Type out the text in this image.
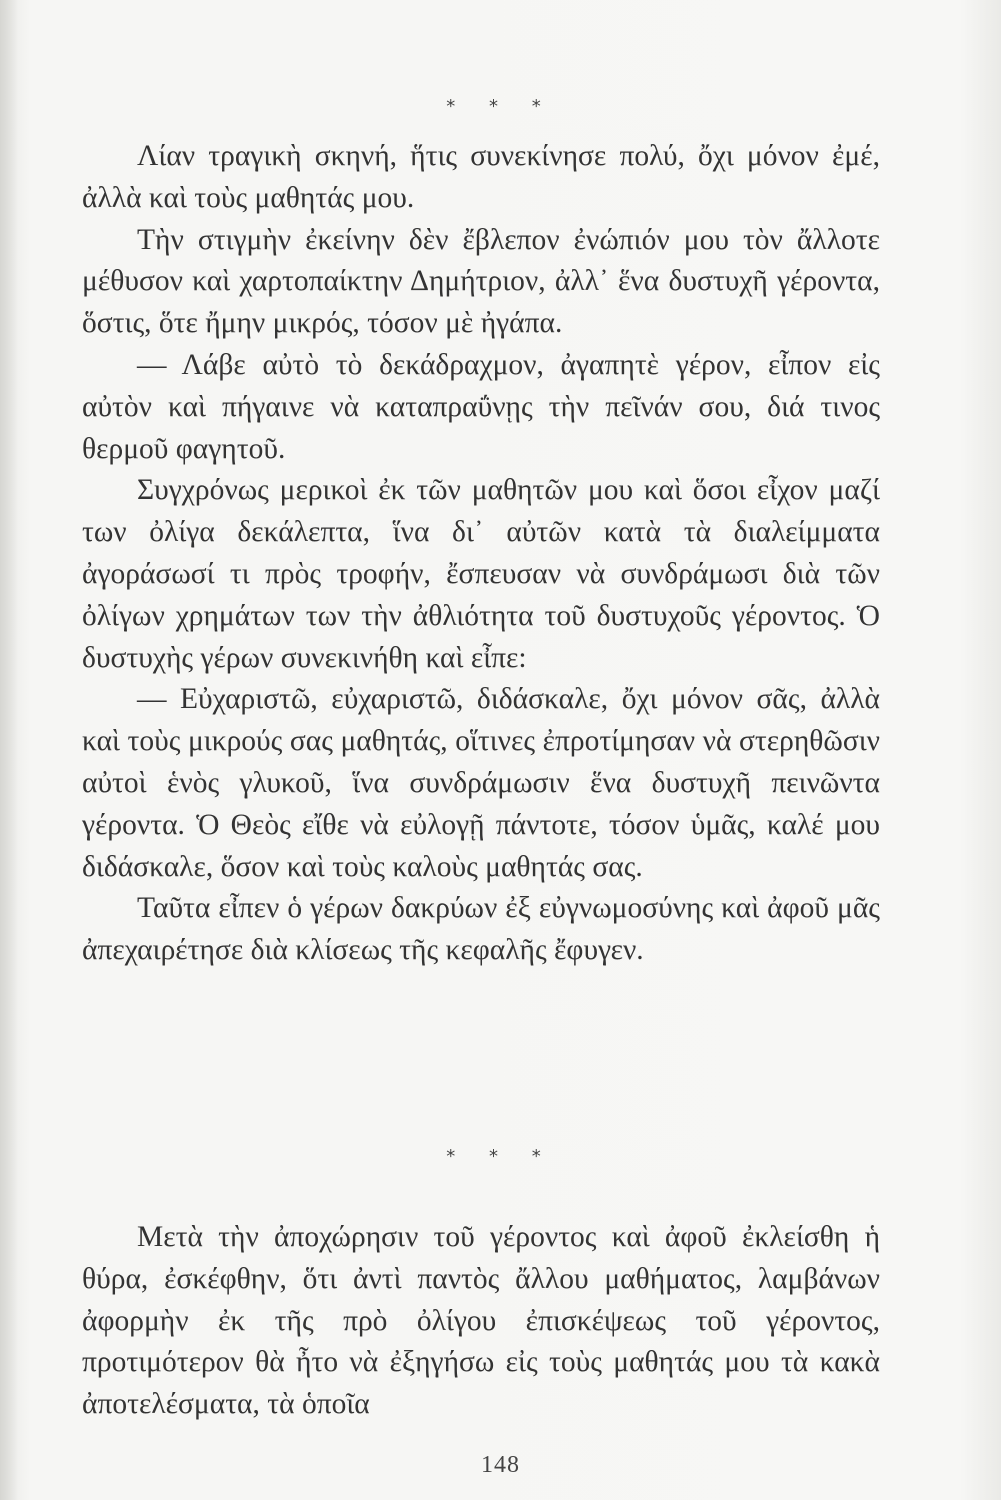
* * *

Λίαν τραγικὴ σκηνή, ἥτις συνεκίνησε πολύ, ὄχι μόνον ἐμέ, ἀλλὰ καὶ τοὺς μαθητάς μου.

Τὴν στιγμὴν ἐκείνην δὲν ἔβλεπον ἐνώπιόν μου τὸν ἄλλοτε μέθυσον καὶ χαρτοπαίκτην Δημήτριον, ἀλλ᾿ ἕνα δυστυχῆ γέροντα, ὅστις, ὅτε ἤμην μικρός, τόσον μὲ ἠγάπα.

— Λάβε αὐτὸ τὸ δεκάδραχμον, ἀγαπητὲ γέρον, εἶπον εἰς αὐτὸν καὶ πήγαινε νὰ καταπραΰνῃς τὴν πεῖνάν σου, διά τινος θερμοῦ φαγητοῦ.

Συγχρόνως μερικοὶ ἐκ τῶν μαθητῶν μου καὶ ὅσοι εἶχον μαζί των ὀλίγα δεκάλεπτα, ἵνα δι᾿ αὐτῶν κατὰ τὰ διαλείμματα ἀγοράσωσί τι πρὸς τροφήν, ἔσπευσαν νὰ συνδράμωσι διὰ τῶν ὀλίγων χρημάτων των τὴν ἀθλιότητα τοῦ δυστυχοῦς γέροντος. Ὁ δυστυχὴς γέρων συνεκινήθη καὶ εἶπε:

— Εὐχαριστῶ, εὐχαριστῶ, διδάσκαλε, ὄχι μόνον σᾶς, ἀλλὰ καὶ τοὺς μικρούς σας μαθητάς, οἵτινες ἐπροτίμησαν νὰ στερηθῶσιν αὐτοὶ ἑνὸς γλυκοῦ, ἵνα συνδράμωσιν ἕνα δυστυχῆ πεινῶντα γέροντα. Ὁ Θεὸς εἴθε νὰ εὐλογῇ πάντοτε, τόσον ὑμᾶς, καλέ μου διδάσκαλε, ὅσον καὶ τοὺς καλοὺς μαθητάς σας.

Ταῦτα εἶπεν ὁ γέρων δακρύων ἐξ εὐγνωμοσύνης καὶ ἀφοῦ μᾶς ἀπεχαιρέτησε διὰ κλίσεως τῆς κεφαλῆς ἔφυγεν.

* * *

Μετὰ τὴν ἀποχώρησιν τοῦ γέροντος καὶ ἀφοῦ ἐκλείσθη ἡ θύρα, ἐσκέφθην, ὅτι ἀντὶ παντὸς ἄλλου μαθήματος, λαμβάνων ἀφορμὴν ἐκ τῆς πρὸ ὀλίγου ἐπισκέψεως τοῦ γέροντος, προτιμότερον θὰ ἦτο νὰ ἐξηγήσω εἰς τοὺς μαθητάς μου τὰ κακὰ ἀποτελέσματα, τὰ ὁποῖα

148
